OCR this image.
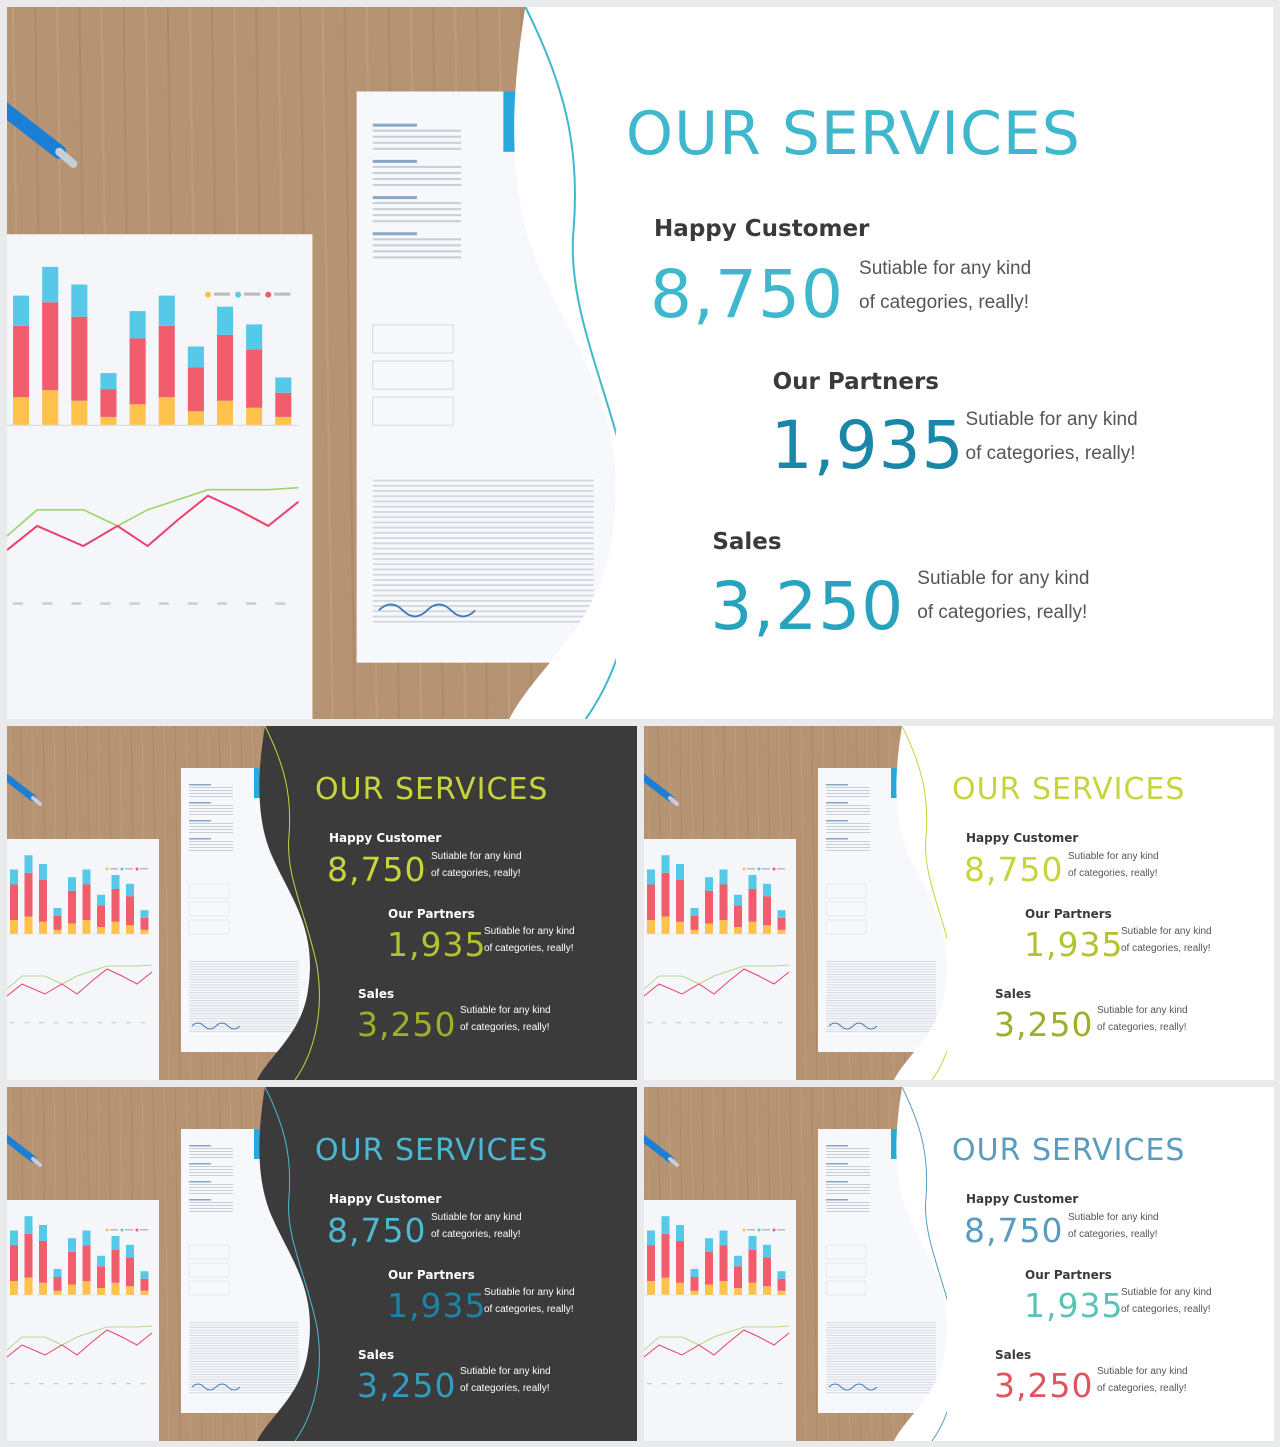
OUR SERVICES
Happy Customer
8,750 Sutiable for any kind
of categories, really!
Our Partners
1,935 Sutiable for any kind
of categories, really!
Sales
3,250 Sutiable for any kind
of categories, really!
OUR SERVICES
Happy Customer
8,750 Sutiable for any kind
of categories, really!
Our Partners
1,935
Sutiable for any kind
of categories, really!
Sales
3,250 Sutiable for any kind
of categories, really!
OUR SERVICES
Happy Customer
8,750 Sutiable for any kind
of categories, really!
Our Partners
1,935
Sutiable for any kind
of categories, really!
Sales
3,250 Sutiable for any kind
of categories, really!
OUR SERVICES
Happy Customer
8,750 Sutiable for any kind
of categories, really!
Our Partners
1,935
Sutiable for any kind
of categories, really!
Sales
3,250 Sutiable for any kind
of categories, really!
OUR SERVICES
Happy Customer
8,750 Sutiable for any kind
of categories, really!
Our Partners
1,935
Sutiable for any kind
of categories, really!
Sales
3,250 Sutiable for any kind
of categories, really!
